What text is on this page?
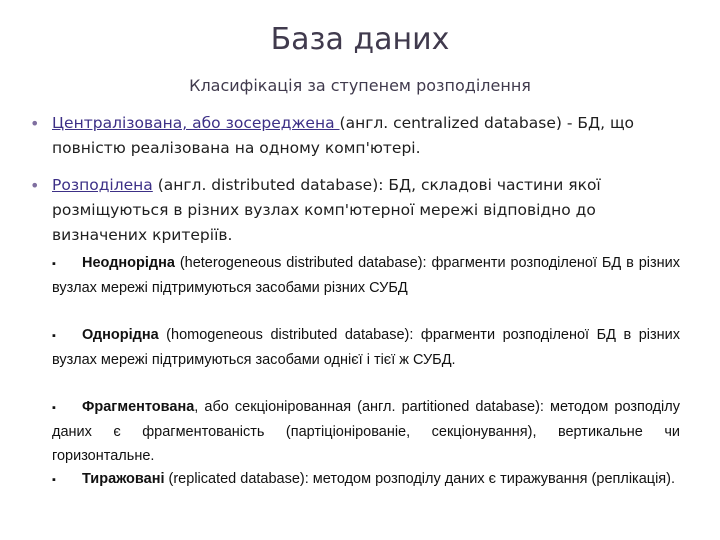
База даних
Класифікація за ступенем розподілення
• Централізована, або зосереджена (англ. centralized database) - БД, що повністю реалізована на одному комп'ютері.
• Розподілена (англ. distributed database): БД, складові частини якої розміщуються в різних вузлах комп'ютерної мережі відповідно до визначених критеріїв.
▪ Неоднорідна (heterogeneous distributed database): фрагменти розподіленої БД в різних вузлах мережі підтримуються засобами різних СУБД
▪ Однорідна (homogeneous distributed database): фрагменти розподіленої БД в різних вузлах мережі підтримуються засобами однієї і тієї ж СУБД.
▪ Фрагментована, або секціонірованная (англ. partitioned database): методом розподілу даних є фрагментованість (партіціонірованіе, секціонування), вертикальне чи горизонтальне.
▪ Тиражовані (replicated database): методом розподілу даних є тиражування (реплікація).
